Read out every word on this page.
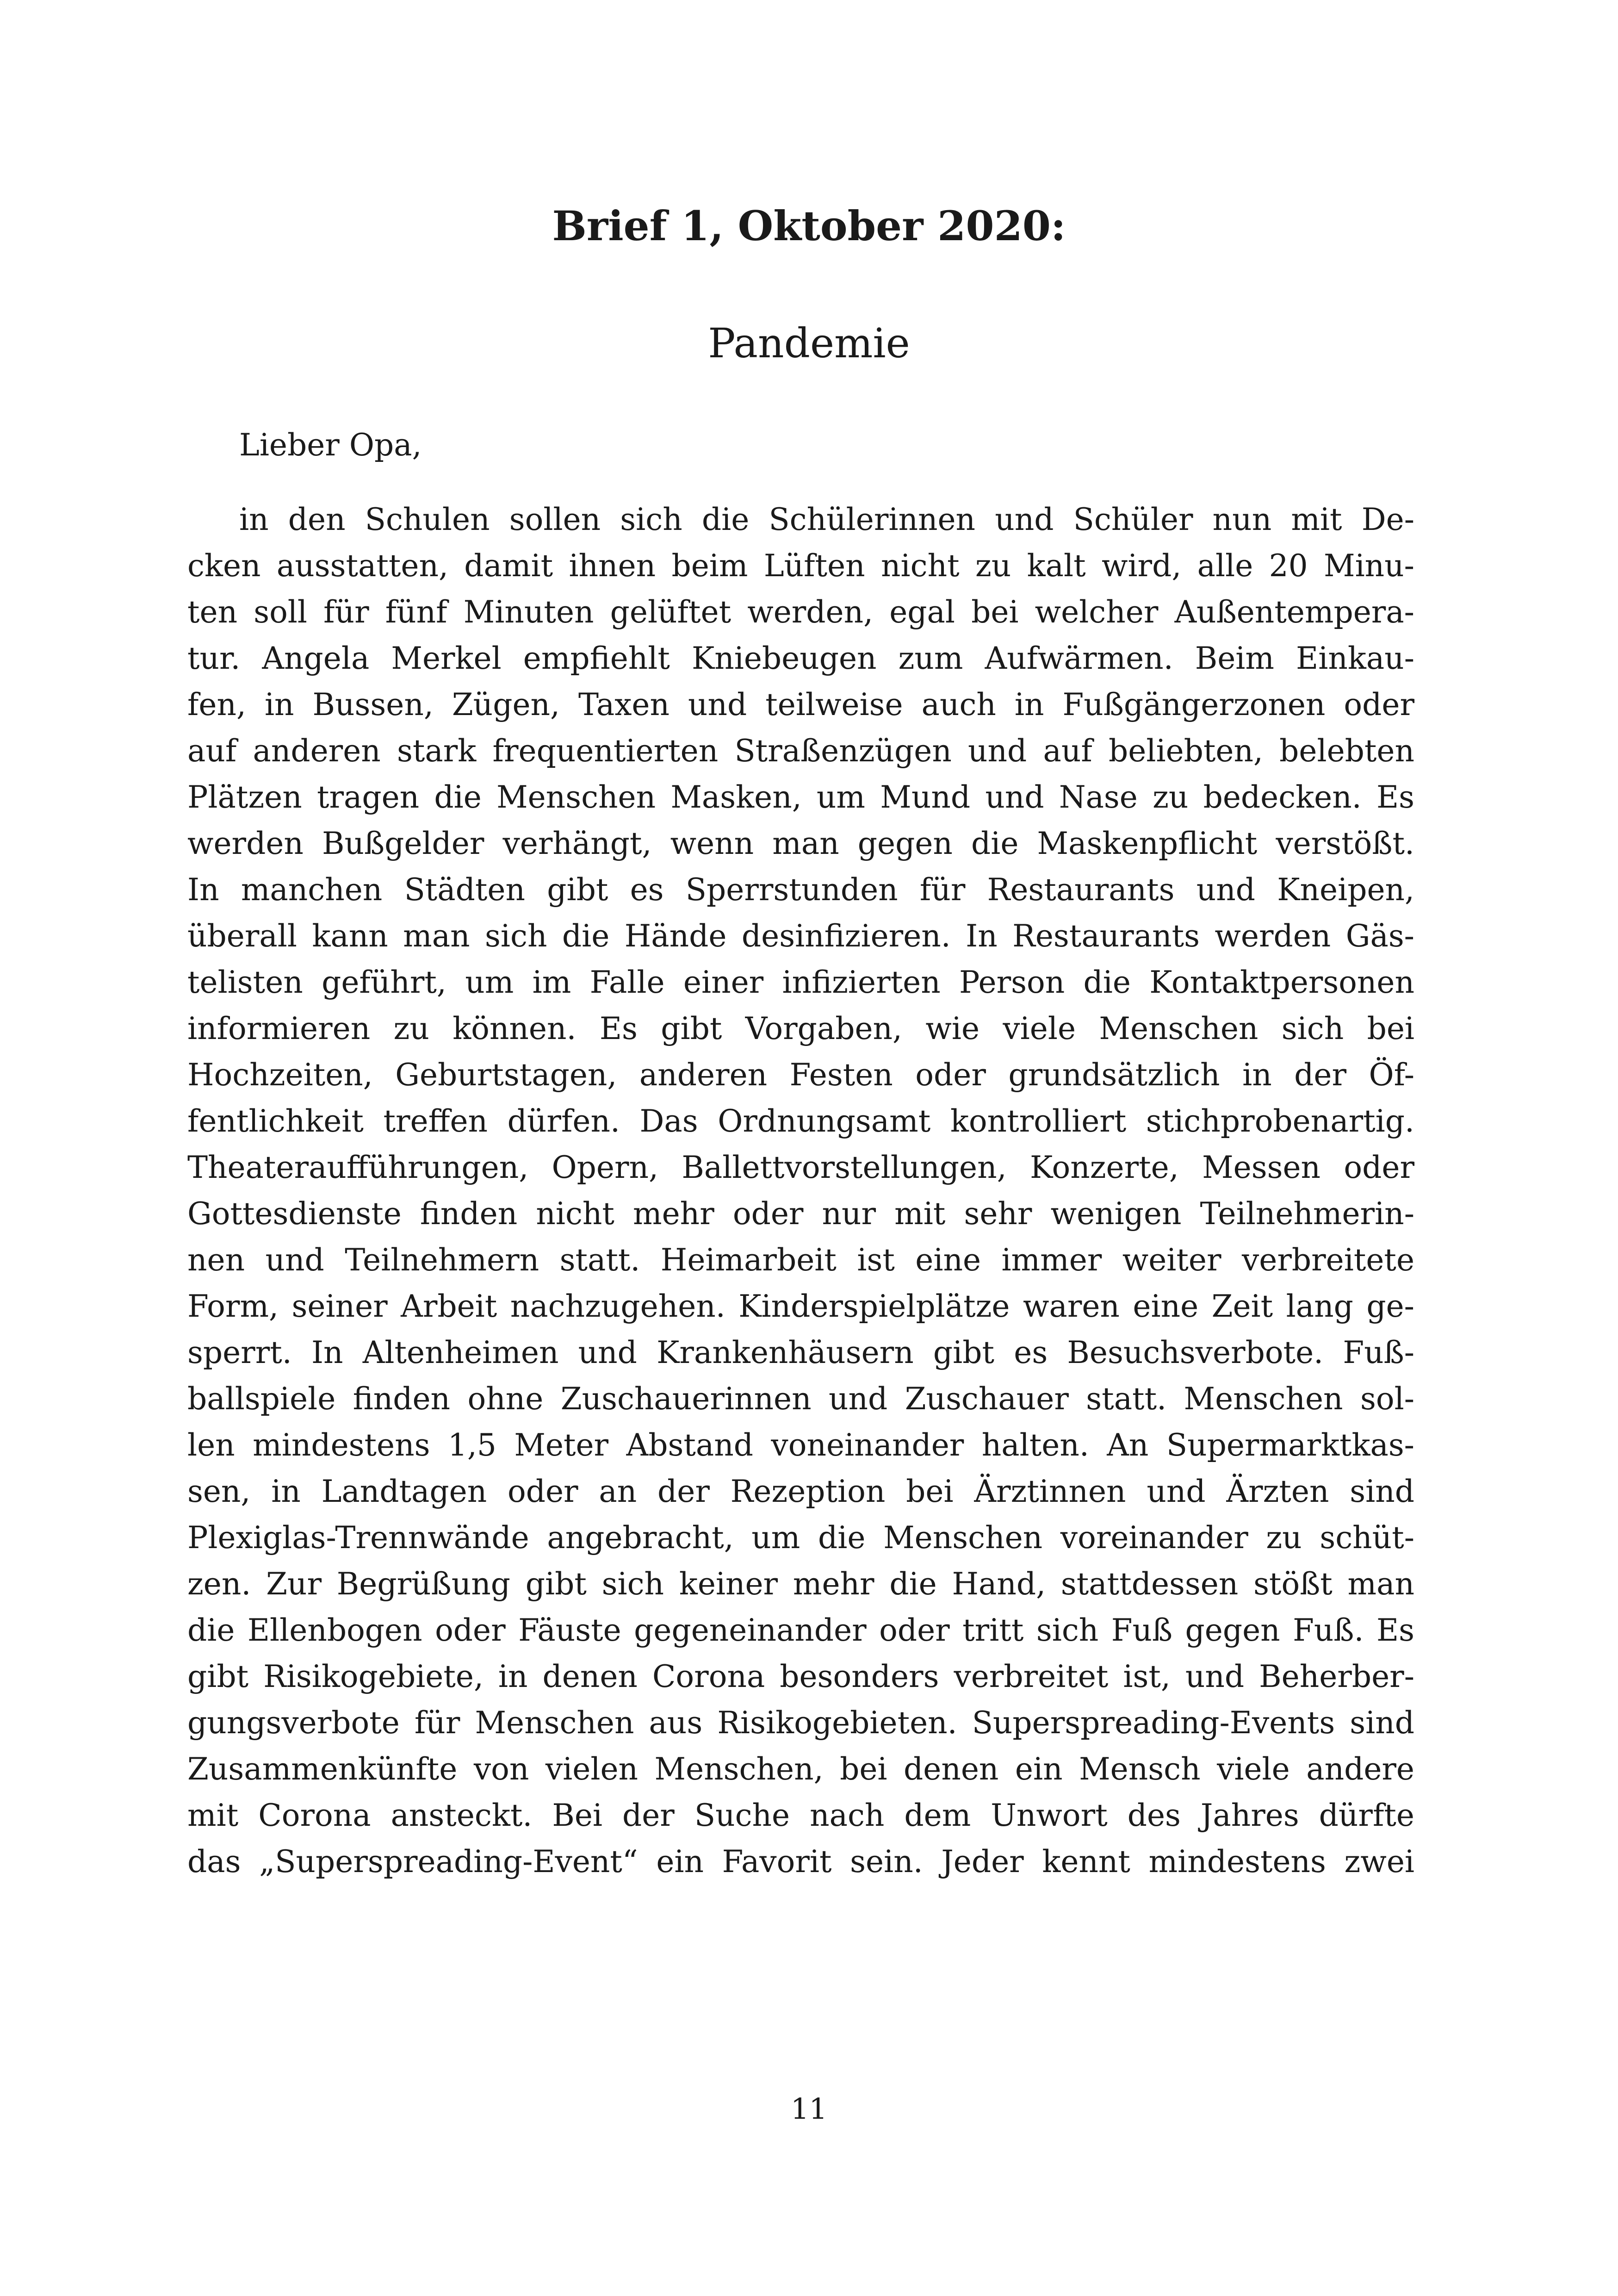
Brief 1, Oktober 2020:
Pandemie

Lieber Opa,

in den Schulen sollen sich die Schülerinnen und Schüler nun mit De-
cken ausstatten, damit ihnen beim Lüften nicht zu kalt wird, alle 20 Minu-
ten soll für fünf Minuten gelüftet werden, egal bei welcher Außentempera-
tur. Angela Merkel empfiehlt Kniebeugen zum Aufwärmen. Beim Einkau-
fen, in Bussen, Zügen, Taxen und teilweise auch in Fußgängerzonen oder
auf anderen stark frequentierten Straßenzügen und auf beliebten, belebten
Plätzen tragen die Menschen Masken, um Mund und Nase zu bedecken. Es
werden Bußgelder verhängt, wenn man gegen die Maskenpflicht verstößt.
In manchen Städten gibt es Sperrstunden für Restaurants und Kneipen,
überall kann man sich die Hände desinfizieren. In Restaurants werden Gäs-
telisten geführt, um im Falle einer infizierten Person die Kontaktpersonen
informieren zu können. Es gibt Vorgaben, wie viele Menschen sich bei
Hochzeiten, Geburtstagen, anderen Festen oder grundsätzlich in der Öf-
fentlichkeit treffen dürfen. Das Ordnungsamt kontrolliert stichprobenartig.
Theateraufführungen, Opern, Ballettvorstellungen, Konzerte, Messen oder
Gottesdienste finden nicht mehr oder nur mit sehr wenigen Teilnehmerin-
nen und Teilnehmern statt. Heimarbeit ist eine immer weiter verbreitete
Form, seiner Arbeit nachzugehen. Kinderspielplätze waren eine Zeit lang ge-
sperrt. In Altenheimen und Krankenhäusern gibt es Besuchsverbote. Fuß-
ballspiele finden ohne Zuschauerinnen und Zuschauer statt. Menschen sol-
len mindestens 1,5 Meter Abstand voneinander halten. An Supermarktkas-
sen, in Landtagen oder an der Rezeption bei Ärztinnen und Ärzten sind
Plexiglas-Trennwände angebracht, um die Menschen voreinander zu schüt-
zen. Zur Begrüßung gibt sich keiner mehr die Hand, stattdessen stößt man
die Ellenbogen oder Fäuste gegeneinander oder tritt sich Fuß gegen Fuß. Es
gibt Risikogebiete, in denen Corona besonders verbreitet ist, und Beherber-
gungsverbote für Menschen aus Risikogebieten. Superspreading-Events sind
Zusammenkünfte von vielen Menschen, bei denen ein Mensch viele andere
mit Corona ansteckt. Bei der Suche nach dem Unwort des Jahres dürfte
das „Superspreading-Event“ ein Favorit sein. Jeder kennt mindestens zwei
11
